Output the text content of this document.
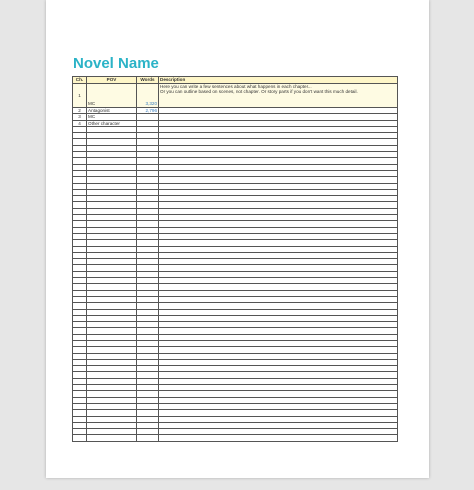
Novel Name
Ch.	POV	Words	Description
1	MC	3,320	Here you can write a few sentences about what happens in each chapter...
Or you can outline based on scenes, not chapter. Or story parts if you don't want this much detail.

2	Antagonist	2,796	

3	MC		

4	Other character		
